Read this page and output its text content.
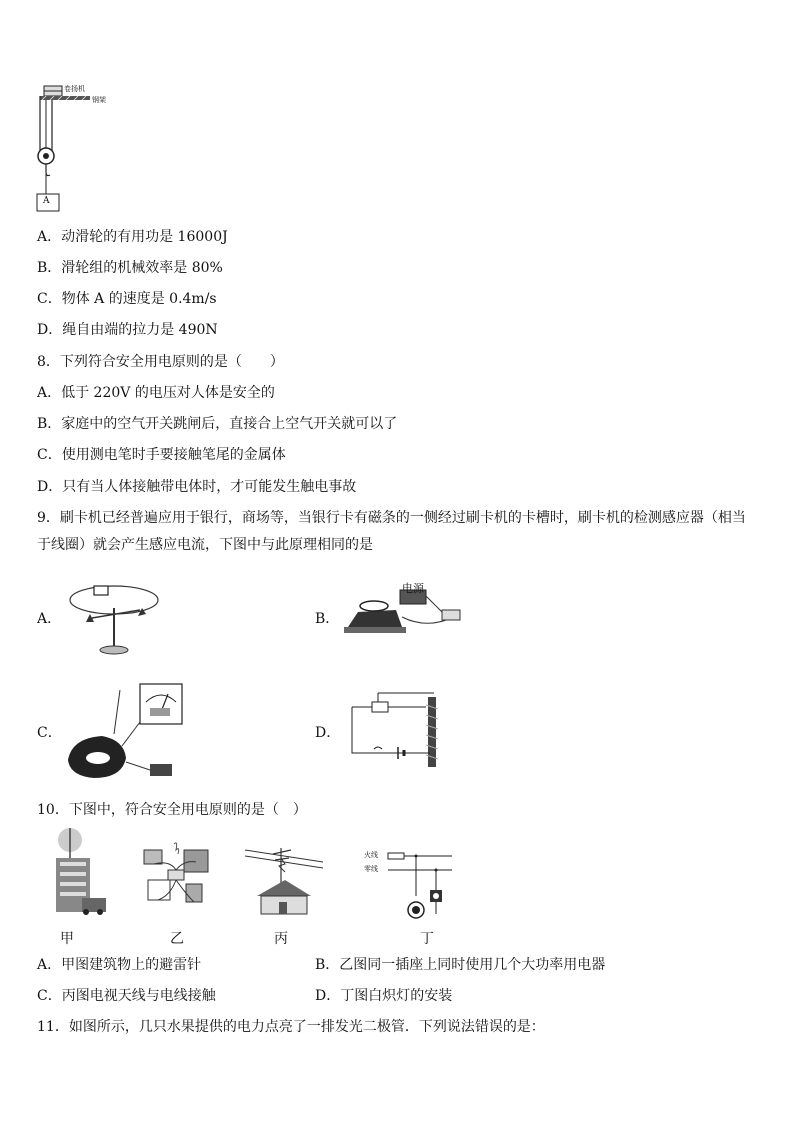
卷扬机
钢架
A
A．动滑轮的有用功是 16000J
B．滑轮组的机械效率是 80%
C．物体 A 的速度是 0.4m/s
D．绳自由端的拉力是 490N
8．下列符合安全用电原则的是（　　）
A．低于 220V 的电压对人体是安全的
B．家庭中的空气开关跳闸后，直接合上空气开关就可以了
C．使用测电笔时手要接触笔尾的金属体
D．只有当人体接触带电体时，才可能发生触电事故
9．刷卡机已经普遍应用于银行，商场等，当银行卡有磁条的一侧经过刷卡机的卡槽时，刷卡机的检测感应器（相当于线圈）就会产生感应电流，下图中与此原理相同的是
A．	B．
电源
C．	D．
10．下图中，符合安全用电原则的是（　）
火线
零线
甲	乙	丙	丁
A．甲图建筑物上的避雷针	B．乙图同一插座上同时使用几个大功率用电器
C．丙图电视天线与电线接触	D．丁图白炽灯的安装
11．如图所示，几只水果提供的电力点亮了一排发光二极管．下列说法错误的是：
